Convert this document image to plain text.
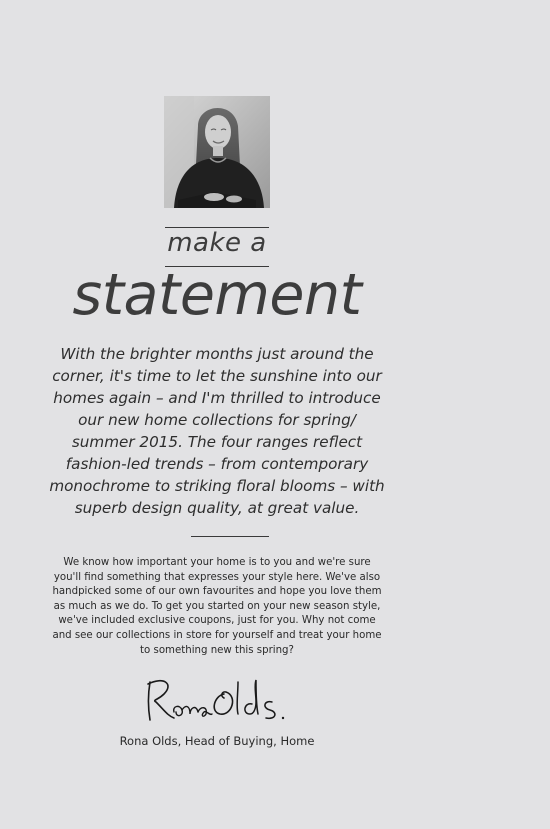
make a
statement
With the brighter months just around the
corner, it's time to let the sunshine into our
homes again – and I'm thrilled to introduce
our new home collections for spring/
summer 2015. The four ranges reflect
fashion-led trends – from contemporary
monochrome to striking floral blooms – with
superb design quality, at great value.
We know how important your home is to you and we're sure
you'll find something that expresses your style here. We've also
handpicked some of our own favourites and hope you love them
as much as we do. To get you started on your new season style,
we've included exclusive coupons, just for you. Why not come
and see our collections in store for yourself and treat your home
to something new this spring?
Rona Olds, Head of Buying, Home
